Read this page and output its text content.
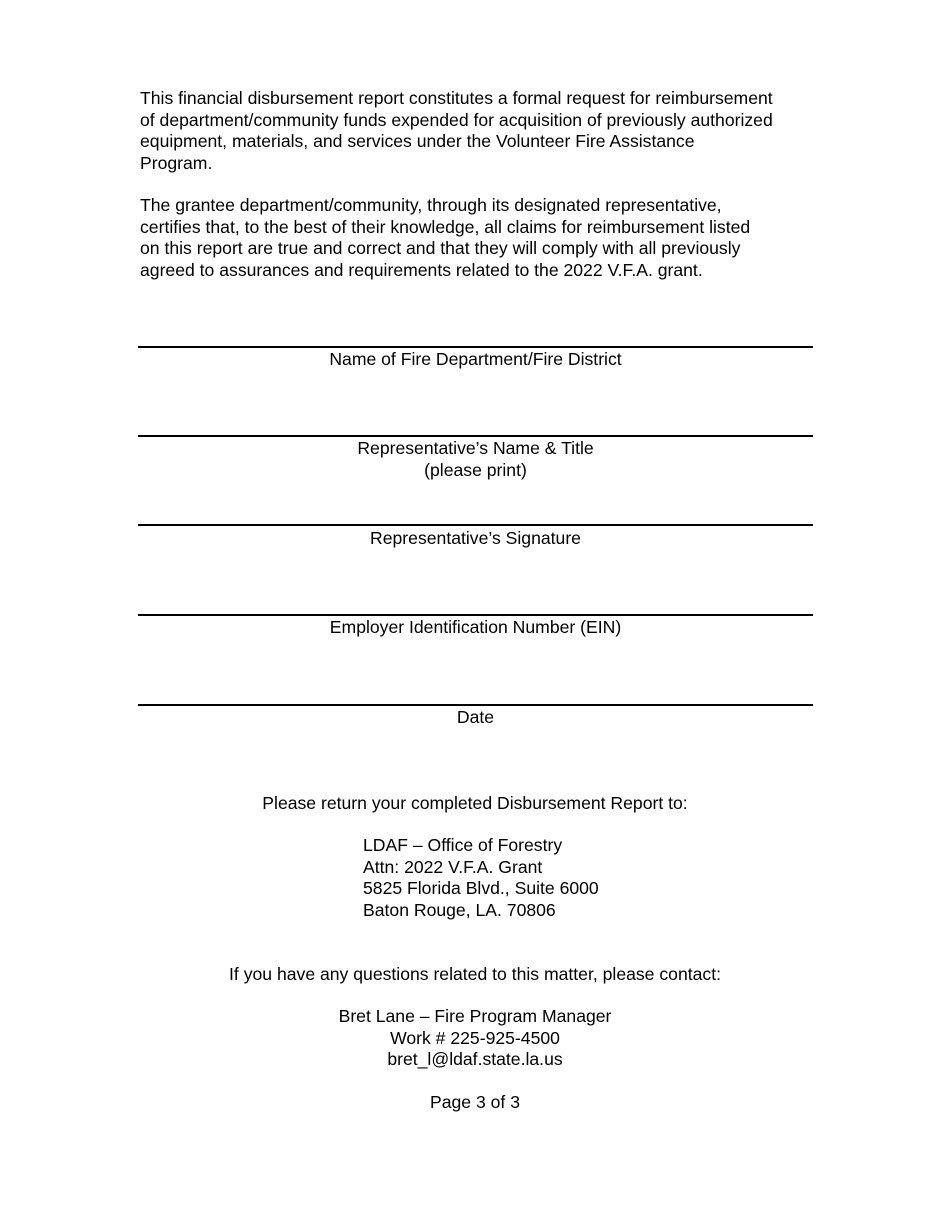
This financial disbursement report constitutes a formal request for reimbursement
of department/community funds expended for acquisition of previously authorized
equipment, materials, and services under the Volunteer Fire Assistance
Program.

The grantee department/community, through its designated representative,
certifies that, to the best of their knowledge, all claims for reimbursement listed
on this report are true and correct and that they will comply with all previously
agreed to assurances and requirements related to the 2022 V.F.A. grant.

Name of Fire Department/Fire District
Representative’s Name & Title
(please print)
Representative’s Signature
Employer Identification Number (EIN)
Date
Please return your completed Disbursement Report to:
LDAF – Office of Forestry
Attn: 2022 V.F.A. Grant
5825 Florida Blvd., Suite 6000
Baton Rouge, LA. 70806
If you have any questions related to this matter, please contact:
Bret Lane – Fire Program Manager
Work # 225-925-4500
bret_l@ldaf.state.la.us
Page 3 of 3
